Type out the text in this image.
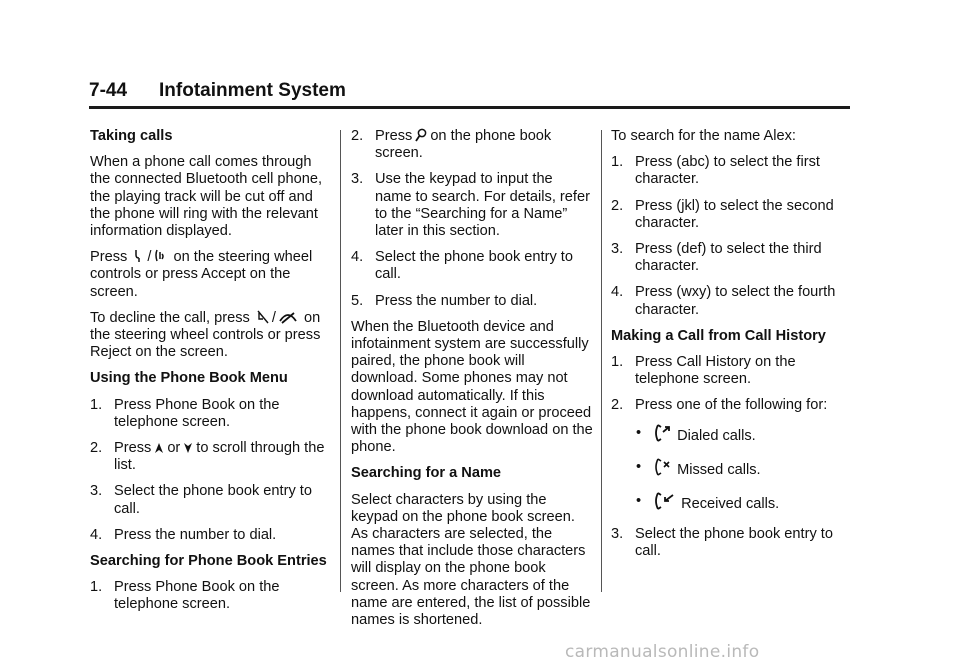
7-44 Infotainment System

Taking calls

When a phone call comes through the connected Bluetooth cell phone, the playing track will be cut off and the phone will ring with the relevant information displayed.

Press / on the steering wheel controls or press Accept on the screen.

To decline the call, press / on the steering wheel controls or press Reject on the screen.

Using the Phone Book Menu

1. Press Phone Book on the telephone screen.
2. Press or to scroll through the list.
3. Select the phone book entry to call.
4. Press the number to dial.

Searching for Phone Book Entries

1. Press Phone Book on the telephone screen.
2. Press on the phone book screen.
3. Use the keypad to input the name to search. For details, refer to the “Searching for a Name” later in this section.
4. Select the phone book entry to call.
5. Press the number to dial.

When the Bluetooth device and infotainment system are successfully paired, the phone book will download. Some phones may not download automatically. If this happens, connect it again or proceed with the phone book download on the phone.

Searching for a Name

Select characters by using the keypad on the phone book screen. As characters are selected, the names that include those characters will display on the phone book screen. As more characters of the name are entered, the list of possible names is shortened.

To search for the name Alex:

1. Press (abc) to select the first character.
2. Press (jkl) to select the second character.
3. Press (def) to select the third character.
4. Press (wxy) to select the fourth character.

Making a Call from Call History

1. Press Call History on the telephone screen.
2. Press one of the following for:
• Dialed calls.
• Missed calls.
•	Received calls.
3. Select the phone book entry to call.
carmanualsonline.info
